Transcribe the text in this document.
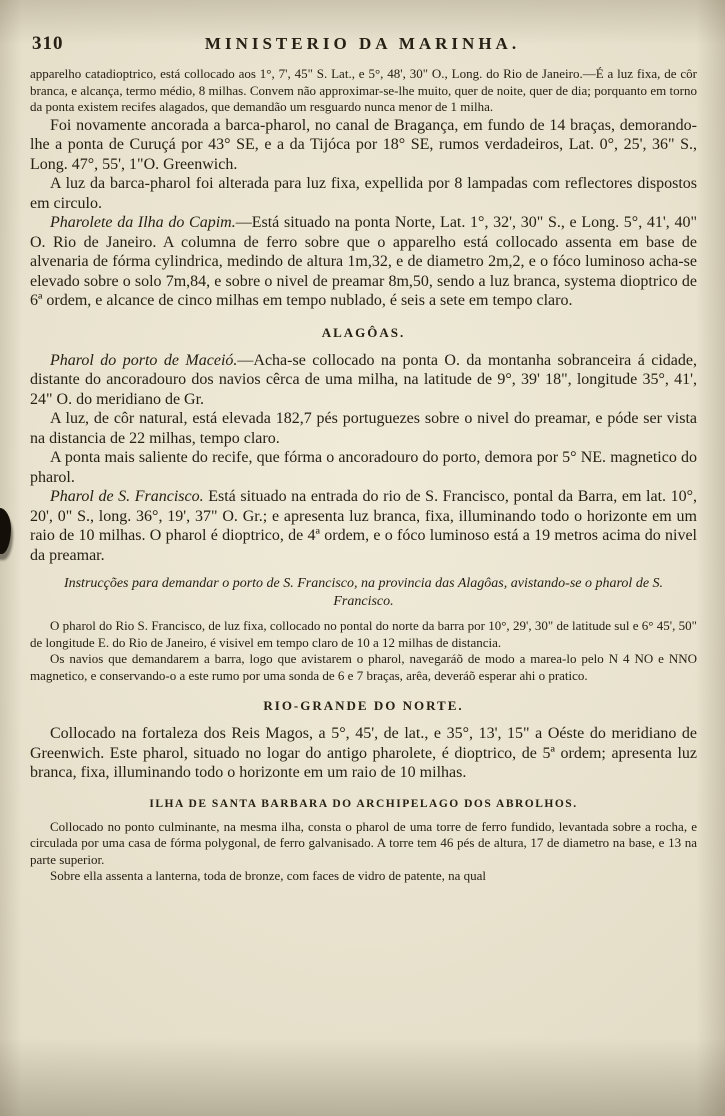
310	MINISTERIO DA MARINHA.

apparelho catadioptrico, está collocado aos 1°, 7', 45" S. Lat., e 5°, 48', 30" O., Long. do Rio de Janeiro.—É a luz fixa, de côr branca, e alcança, termo médio, 8 milhas. Convem não approximar-se-lhe muito, quer de noite, quer de dia; porquanto em torno da ponta existem recifes alagados, que demandão um resguardo nunca menor de 1 milha.

Foi novamente ancorada a barca-pharol, no canal de Bragança, em fundo de 14 braças, demorando-lhe a ponta de Curuçá por 43° SE, e a da Tijóca por 18° SE, rumos verdadeiros, Lat. 0°, 25', 36" S., Long. 47°, 55', 1"O. Greenwich.

A luz da barca-pharol foi alterada para luz fixa, expellida por 8 lampadas com reflectores dispostos em circulo.

Pharolete da Ilha do Capim.—Está situado na ponta Norte, Lat. 1°, 32', 30" S., e Long. 5°, 41', 40" O. Rio de Janeiro. A columna de ferro sobre que o apparelho está collocado assenta em base de alvenaria de fórma cylindrica, medindo de altura 1m,32, e de diametro 2m,2, e o fóco luminoso acha-se elevado sobre o solo 7m,84, e sobre o nivel de preamar 8m,50, sendo a luz branca, systema dioptrico de 6ª ordem, e alcance de cinco milhas em tempo nublado, é seis a sete em tempo claro.

ALAGÔAS.

Pharol do porto de Maceió.—Acha-se collocado na ponta O. da montanha sobranceira á cidade, distante do ancoradouro dos navios cêrca de uma milha, na latitude de 9°, 39' 18", longitude 35°, 41', 24" O. do meridiano de Gr.

A luz, de côr natural, está elevada 182,7 pés portuguezes sobre o nivel do preamar, e póde ser vista na distancia de 22 milhas, tempo claro.

A ponta mais saliente do recife, que fórma o ancoradouro do porto, demora por 5° NE. magnetico do pharol.

Pharol de S. Francisco. Está situado na entrada do rio de S. Francisco, pontal da Barra, em lat. 10°, 20', 0" S., long. 36°, 19', 37" O. Gr.; e apresenta luz branca, fixa, illuminando todo o horizonte em um raio de 10 milhas. O pharol é dioptrico, de 4ª ordem, e o fóco luminoso está a 19 metros acima do nivel da preamar.

Instrucções para demandar o porto de S. Francisco, na provincia das Alagôas, avistando-se o pharol de S. Francisco.

O pharol do Rio S. Francisco, de luz fixa, collocado no pontal do norte da barra por 10°, 29', 30" de latitude sul e 6° 45', 50" de longitude E. do Rio de Janeiro, é visivel em tempo claro de 10 a 12 milhas de distancia.

Os navios que demandarem a barra, logo que avistarem o pharol, navegaráõ de modo a marea-lo pelo N 4 NO e NNO magnetico, e conservando-o a este rumo por uma sonda de 6 e 7 braças, arêa, deveráõ esperar ahi o pratico.

RIO-GRANDE DO NORTE.

Collocado na fortaleza dos Reis Magos, a 5°, 45', de lat., e 35°, 13', 15" a Oéste do meridiano de Greenwich. Este pharol, situado no logar do antigo pharolete, é dioptrico, de 5ª ordem; apresenta luz branca, fixa, illuminando todo o horizonte em um raio de 10 milhas.

ILHA DE SANTA BARBARA DO ARCHIPELAGO DOS ABROLHOS.

Collocado no ponto culminante, na mesma ilha, consta o pharol de uma torre de ferro fundido, levantada sobre a rocha, e circulada por uma casa de fórma polygonal, de ferro galvanisado. A torre tem 46 pés de altura, 17 de diametro na base, e 13 na parte superior.

Sobre ella assenta a lanterna, toda de bronze, com faces de vidro de patente, na qual
